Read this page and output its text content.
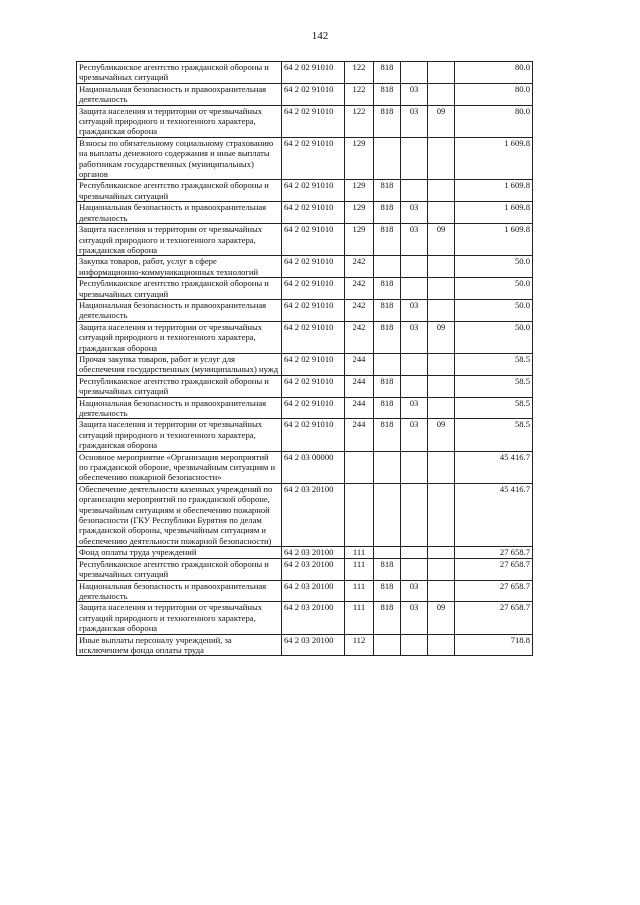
142
Республиканское агентство гражданской обороны и чрезвычайных ситуаций	64 2 02 91010	122	818			80.0
Национальная безопасность и правоохранительная деятельность	64 2 02 91010	122	818	03		80.0
Защита населения и территории от чрезвычайных ситуаций природного и техногенного характера, гражданская оборона	64 2 02 91010	122	818	03	09	80.0
Взносы по обязательному социальному страхованию на выплаты денежного содержания и иные выплаты работникам государственных (муниципальных) органов	64 2 02 91010	129				1 609.8
Республиканское агентство гражданской обороны и чрезвычайных ситуаций	64 2 02 91010	129	818			1 609.8
Национальная безопасность и правоохранительная деятельность	64 2 02 91010	129	818	03		1 609.8
Защита населения и территории от чрезвычайных ситуаций природного и техногенного характера, гражданская оборона	64 2 02 91010	129	818	03	09	1 609.8
Закупка товаров, работ, услуг в сфере информационно-коммуникационных технологий	64 2 02 91010	242				50.0
Республиканское агентство гражданской обороны и чрезвычайных ситуаций	64 2 02 91010	242	818			50.0
Национальная безопасность и правоохранительная деятельность	64 2 02 91010	242	818	03		50.0
Защита населения и территории от чрезвычайных ситуаций природного и техногенного характера, гражданская оборона	64 2 02 91010	242	818	03	09	50.0
Прочая закупка товаров, работ и услуг для обеспечения государственных (муниципальных) нужд	64 2 02 91010	244				58.5
Республиканское агентство гражданской обороны и чрезвычайных ситуаций	64 2 02 91010	244	818			58.5
Национальная безопасность и правоохранительная деятельность	64 2 02 91010	244	818	03		58.5
Защита населения и территории от чрезвычайных ситуаций природного и техногенного характера, гражданская оборона	64 2 02 91010	244	818	03	09	58.5
Основное мероприятие «Организация мероприятий по гражданской обороне, чрезвычайным ситуациям и обеспечению пожарной безопасности»	64 2 03 00000					45 416.7
Обеспечение деятельности казенных учреждений по организации мероприятий по гражданской обороне, чрезвычайным ситуациям и обеспечению пожарной безопасности (ГКУ Республики Бурятия по делам гражданской обороны, чрезвычайным ситуациям и обеспечению деятельности пожарной безопасности)	64 2 03 20100					45 416.7
Фонд оплаты труда учреждений	64 2 03 20100	111				27 658.7
Республиканское агентство гражданской обороны и чрезвычайных ситуаций	64 2 03 20100	111	818			27 658.7
Национальная безопасность и правоохранительная деятельность	64 2 03 20100	111	818	03		27 658.7
Защита населения и территории от чрезвычайных ситуаций природного и техногенного характера, гражданская оборона	64 2 03 20100	111	818	03	09	27 658.7
Иные выплаты персоналу учреждений, за исключением фонда оплаты труда	64 2 03 20100	112				718.8
